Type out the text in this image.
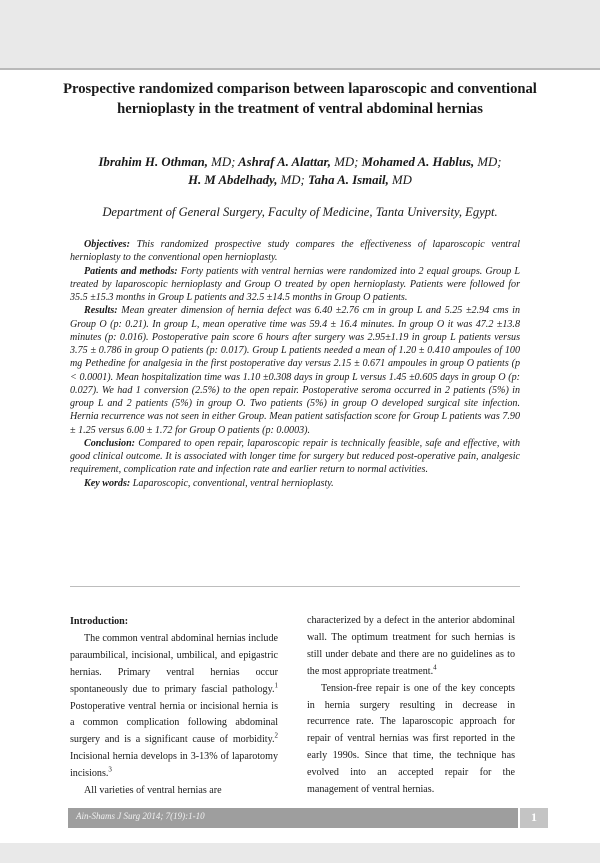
Prospective randomized comparison between laparoscopic and conventional hernioplasty in the treatment of ventral abdominal hernias
Ibrahim H. Othman, MD; Ashraf A. Alattar, MD; Mohamed A. Hablus, MD;
H. M Abdelhady, MD; Taha A. Ismail, MD
Department of General Surgery, Faculty of Medicine, Tanta University, Egypt.

Objectives: This randomized prospective study compares the effectiveness of laparoscopic ventral hernioplasty to the conventional open hernioplasty.

Patients and methods: Forty patients with ventral hernias were randomized into 2 equal groups. Group L treated by laparoscopic hernioplasty and Group O treated by open hernioplasty. Patients were followed for 35.5 ±15.3 months in Group L patients and 32.5 ±14.5 months in Group O patients.

Results: Mean greater dimension of hernia defect was 6.40 ±2.76 cm in group L and 5.25 ±2.94 cms in Group O (p: 0.21). In group L, mean operative time was 59.4 ± 16.4 minutes. In group O it was 47.2 ±13.8 minutes (p: 0.016). Postoperative pain score 6 hours after surgery was 2.95±1.19 in group L patients versus 3.75 ± 0.786 in group O patients (p: 0.017). Group L patients needed a mean of 1.20 ± 0.410 ampoules of 100 mg Pethedine for analgesia in the first postoperative day versus 2.15 ± 0.671 ampoules in group O patients (p < 0.0001). Mean hospitalization time was 1.10 ±0.308 days in group L versus 1.45 ±0.605 days in group O (p: 0.027). We had 1 conversion (2.5%) to the open repair. Postoperative seroma occurred in 2 patients (5%) in group L and 2 patients (5%) in group O. Two patients (5%) in group O developed surgical site infection. Hernia recurrence was not seen in either Group. Mean patient satisfaction score for Group L patients was 7.90 ± 1.25 versus 6.00 ± 1.72 for Group O patients (p: 0.0003).

Conclusion: Compared to open repair, laparoscopic repair is technically feasible, safe and effective, with good clinical outcome. It is associated with longer time for surgery but reduced post-operative pain, analgesic requirement, complication rate and infection rate and earlier return to normal activities.

Key words: Laparoscopic, conventional, ventral hernioplasty.

Introduction:

The common ventral abdominal hernias include paraumbilical, incisional, umbilical, and epigastric hernias. Primary ventral hernias occur spontaneously due to primary fascial pathology.$^1$ Postoperative ventral hernia or incisional hernia is a common complication following abdominal surgery and is a significant cause of morbidity.$^2$ Incisional hernia develops in 3-13% of laparotomy incisions.$^3$

All varieties of ventral hernias are

characterized by a defect in the anterior abdominal wall. The optimum treatment for such hernias is still under debate and there are no guidelines as to the most appropriate treatment.$^4$

Tension-free repair is one of the key concepts in hernia surgery resulting in decrease in recurrence rate. The laparoscopic approach for repair of ventral hernias was first reported in the early 1990s. Since that time, the technique has evolved into an accepted repair for the management of ventral hernias.

Ain-Shams J Surg 2014; 7(19):1-10	1
